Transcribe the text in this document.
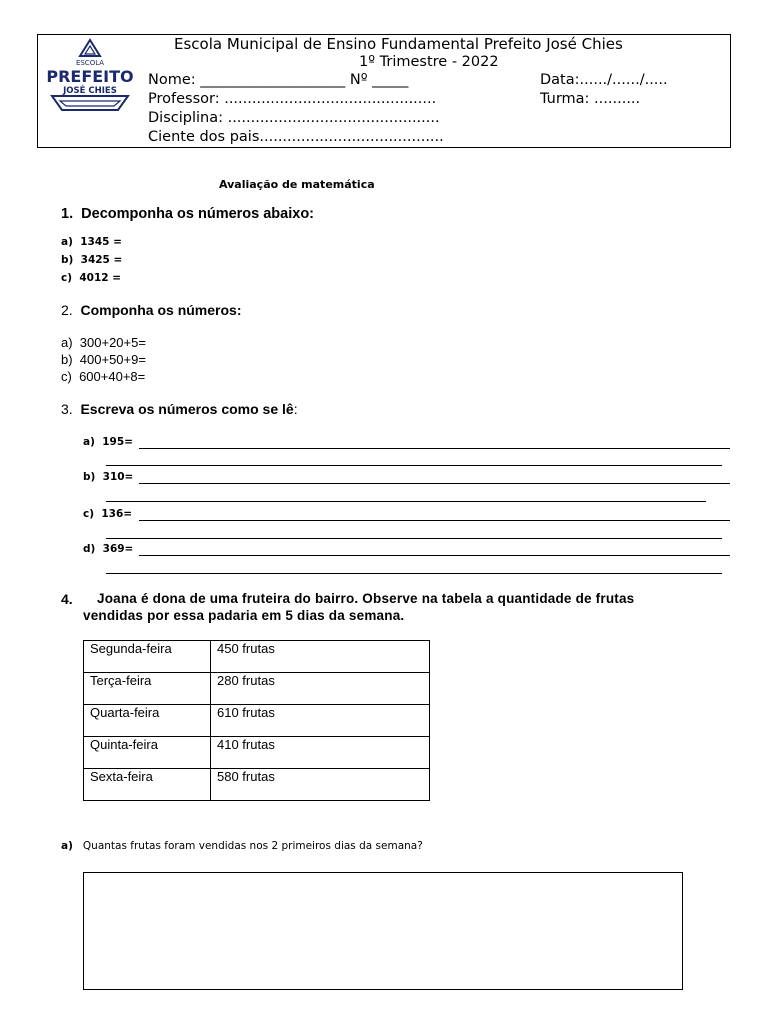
ESCOLA
PREFEITO
JOSÉ CHIES
Escola Municipal de Ensino Fundamental Prefeito José Chies
1º Trimestre - 2022
Nome: ____________________ Nº _____	Data:....../....../.....
Professor: ..............................................	Turma: ..........
Disciplina: ..............................................
Ciente dos pais........................................
Avaliação de matemática
1. Decomponha os números abaixo:
a) 1345 =
b) 3425 =
c) 4012 =
2. Componha os números:
a) 300+20+5=
b) 400+50+9=
c) 600+40+8=
3. Escreva os números como se lê:
a) 195=
b) 310=
c) 136=
d) 369=
4. Joana é dona de uma fruteira do bairro. Observe na tabela a quantidade de frutas
vendidas por essa padaria em 5 dias da semana.
Segunda-feira	450 frutas
Terça-feira	280 frutas
Quarta-feira	610 frutas
Quinta-feira	410 frutas
Sexta-feira	580 frutas
a) Quantas frutas foram vendidas nos 2 primeiros dias da semana?
